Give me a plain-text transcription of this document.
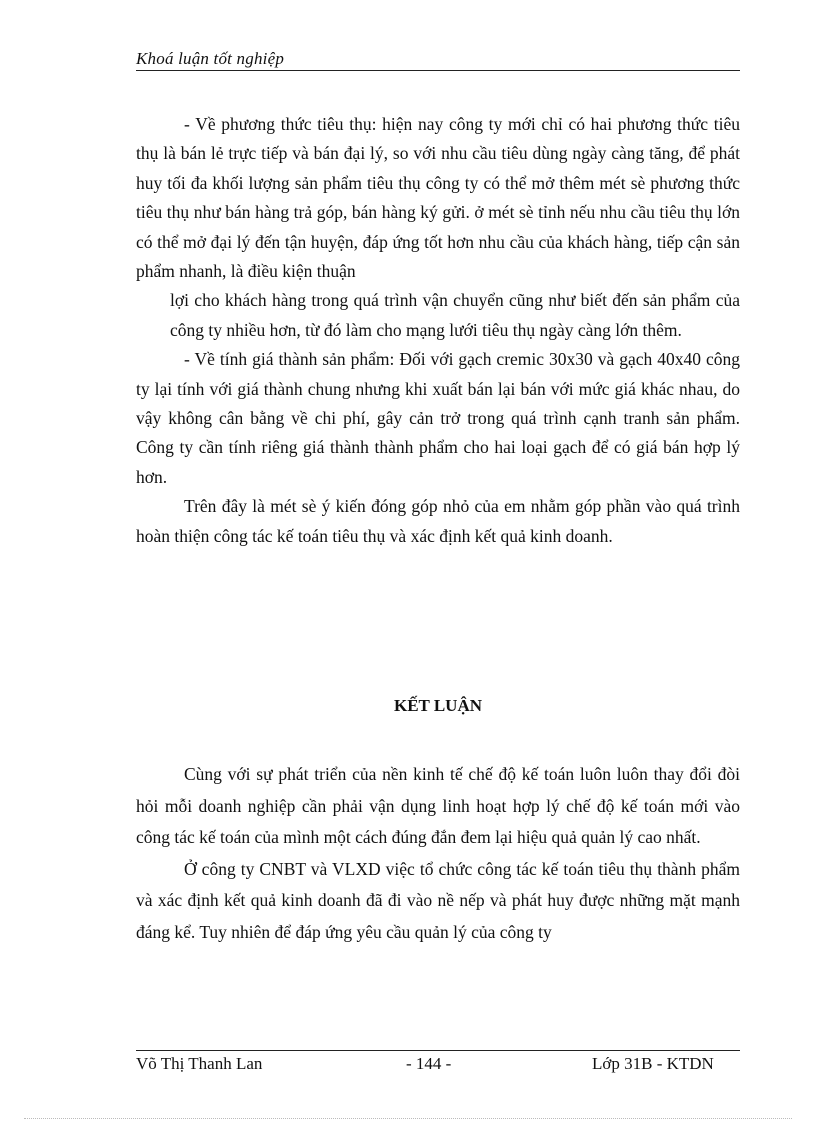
Khoá luận tốt nghiệp

- Về phương thức tiêu thụ: hiện nay công ty mới chỉ có hai phương thức tiêu thụ là bán lẻ trực tiếp và bán đại lý, so với nhu cầu tiêu dùng ngày càng tăng, để phát huy tối đa khối lượng sản phẩm tiêu thụ công ty có thể mở thêm mét sè phương thức tiêu thụ như bán hàng trả góp, bán hàng ký gửi. ở mét sè tỉnh nếu nhu cầu tiêu thụ lớn có thể mở đại lý đến tận huyện, đáp ứng tốt hơn nhu cầu của khách hàng, tiếp cận sản phẩm nhanh, là điều kiện thuận

lợi cho khách hàng trong quá trình vận chuyển cũng như biết đến sản phẩm của công ty nhiều hơn, từ đó làm cho mạng lưới tiêu thụ ngày càng lớn thêm.

- Về tính giá thành sản phẩm: Đối với gạch cremic 30x30 và gạch 40x40 công ty lại tính với giá thành chung nhưng khi xuất bán lại bán với mức giá khác nhau, do vậy không cân bằng về chi phí, gây cản trở trong quá trình cạnh tranh sản phẩm. Công ty cần tính riêng giá thành thành phẩm cho hai loại gạch để có giá bán hợp lý hơn.

Trên đây là mét sè ý kiến đóng góp nhỏ của em nhằm góp phần vào quá trình hoàn thiện công tác kế toán tiêu thụ và xác định kết quả kinh doanh.

KẾT LUẬN

Cùng với sự phát triển của nền kinh tế chế độ kế toán luôn luôn thay đổi đòi hỏi mỗi doanh nghiệp cần phải vận dụng linh hoạt hợp lý chế độ kế toán mới vào công tác kế toán của mình một cách đúng đắn đem lại hiệu quả quản lý cao nhất.

Ở công ty CNBT và VLXD việc tổ chức công tác kế toán tiêu thụ thành phẩm và xác định kết quả kinh doanh đã đi vào nề nếp và phát huy được những mặt mạnh đáng kể. Tuy nhiên để đáp ứng yêu cầu quản lý của công ty

Võ Thị Thanh Lan	- 144 -	Lớp 31B - KTDN
